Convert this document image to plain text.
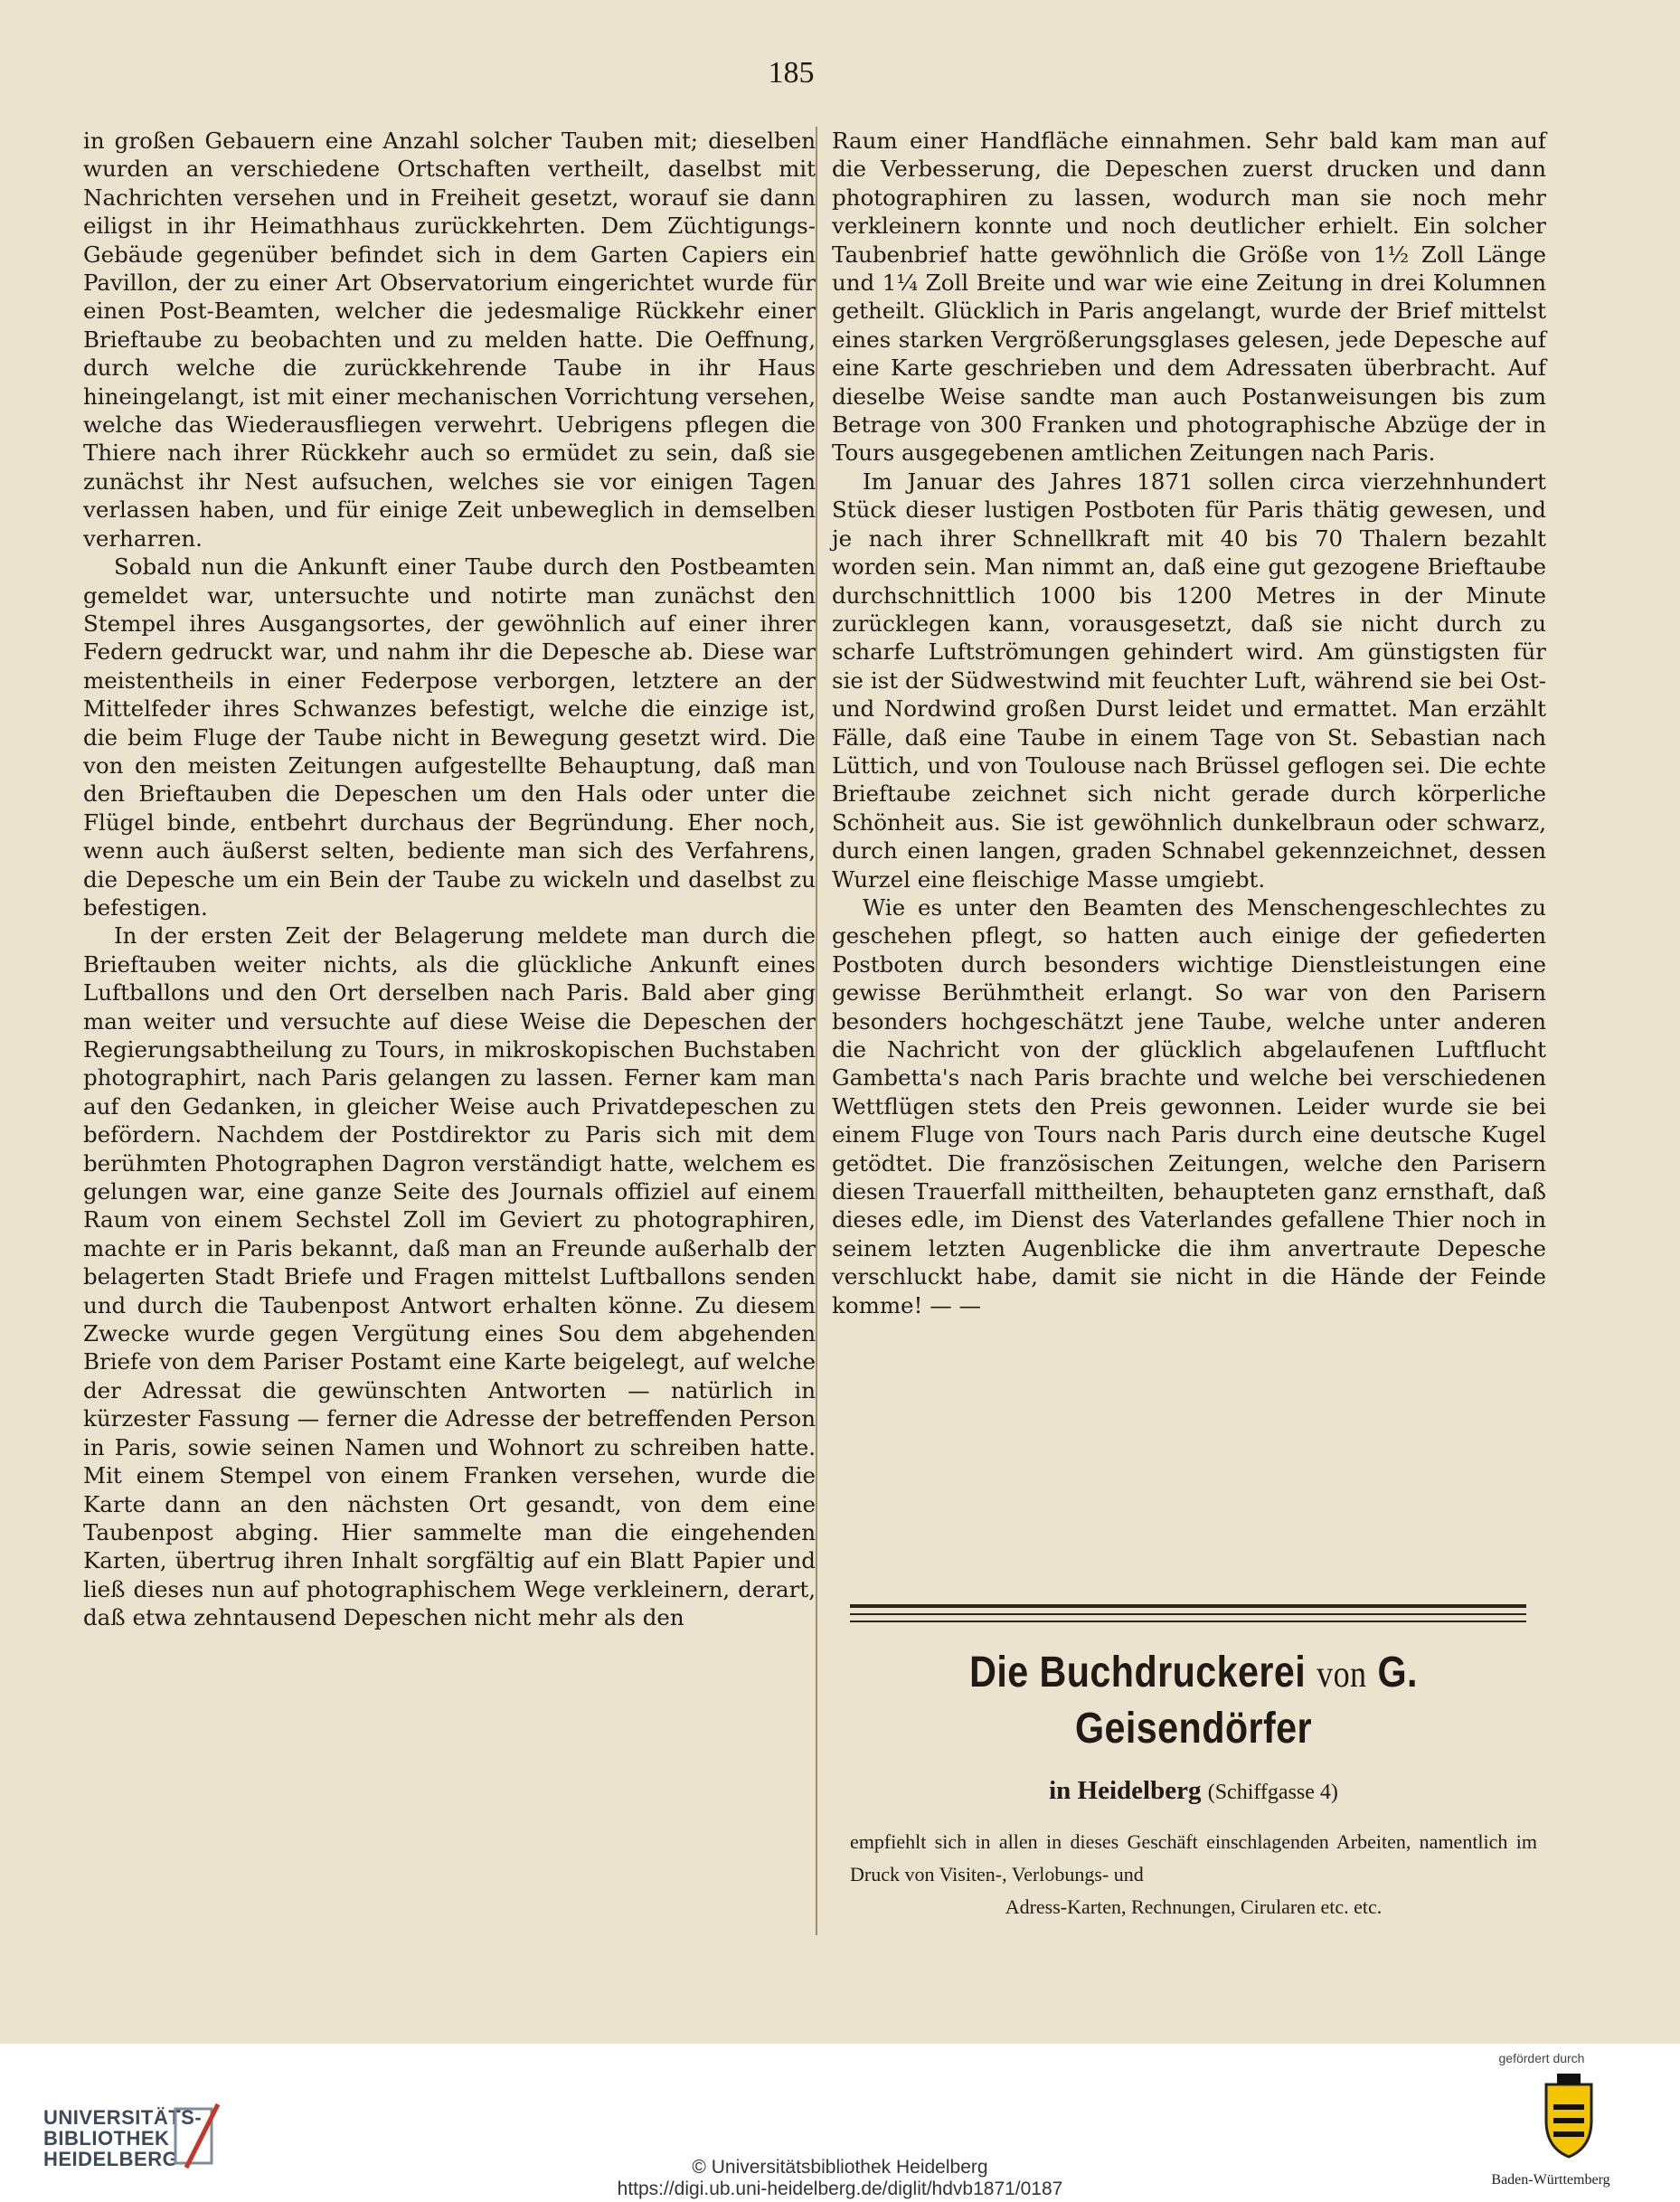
185

in großen Gebauern eine Anzahl solcher Tauben mit; dieselben wurden an verschiedene Ortschaften vertheilt, daselbst mit Nachrichten versehen und in Freiheit gesetzt, worauf sie dann eiligst in ihr Heimathhaus zurückkehrten. Dem Züchtigungs-Gebäude gegenüber befindet sich in dem Garten Capiers ein Pavillon, der zu einer Art Observatorium eingerichtet wurde für einen Post-Beamten, welcher die jedesmalige Rückkehr einer Brieftaube zu beobachten und zu melden hatte. Die Oeffnung, durch welche die zurückkehrende Taube in ihr Haus hineingelangt, ist mit einer mechanischen Vorrichtung versehen, welche das Wiederausfliegen verwehrt. Uebrigens pflegen die Thiere nach ihrer Rückkehr auch so ermüdet zu sein, daß sie zunächst ihr Nest aufsuchen, welches sie vor einigen Tagen verlassen haben, und für einige Zeit unbeweglich in demselben verharren.

Sobald nun die Ankunft einer Taube durch den Postbeamten gemeldet war, untersuchte und notirte man zunächst den Stempel ihres Ausgangsortes, der gewöhnlich auf einer ihrer Federn gedruckt war, und nahm ihr die Depesche ab. Diese war meistentheils in einer Federpose verborgen, letztere an der Mittelfeder ihres Schwanzes befestigt, welche die einzige ist, die beim Fluge der Taube nicht in Bewegung gesetzt wird. Die von den meisten Zeitungen aufgestellte Behauptung, daß man den Brieftauben die Depeschen um den Hals oder unter die Flügel binde, entbehrt durchaus der Begründung. Eher noch, wenn auch äußerst selten, bediente man sich des Verfahrens, die Depesche um ein Bein der Taube zu wickeln und daselbst zu befestigen.

In der ersten Zeit der Belagerung meldete man durch die Brieftauben weiter nichts, als die glückliche Ankunft eines Luftballons und den Ort derselben nach Paris. Bald aber ging man weiter und versuchte auf diese Weise die Depeschen der Regierungsabtheilung zu Tours, in mikroskopischen Buchstaben photographirt, nach Paris gelangen zu lassen. Ferner kam man auf den Gedanken, in gleicher Weise auch Privatdepeschen zu befördern. Nachdem der Postdirektor zu Paris sich mit dem berühmten Photographen Dagron verständigt hatte, welchem es gelungen war, eine ganze Seite des Journals offiziel auf einem Raum von einem Sechstel Zoll im Geviert zu photographiren, machte er in Paris bekannt, daß man an Freunde außerhalb der belagerten Stadt Briefe und Fragen mittelst Luftballons senden und durch die Taubenpost Antwort erhalten könne. Zu diesem Zwecke wurde gegen Vergütung eines Sou dem abgehenden Briefe von dem Pariser Postamt eine Karte beigelegt, auf welche der Adressat die gewünschten Antworten — natürlich in kürzester Fassung — ferner die Adresse der betreffenden Person in Paris, sowie seinen Namen und Wohnort zu schreiben hatte. Mit einem Stempel von einem Franken versehen, wurde die Karte dann an den nächsten Ort gesandt, von dem eine Taubenpost abging. Hier sammelte man die eingehenden Karten, übertrug ihren Inhalt sorgfältig auf ein Blatt Papier und ließ dieses nun auf photographischem Wege verkleinern, derart, daß etwa zehntausend Depeschen nicht mehr als den

Raum einer Handfläche einnahmen. Sehr bald kam man auf die Verbesserung, die Depeschen zuerst drucken und dann photographiren zu lassen, wodurch man sie noch mehr verkleinern konnte und noch deutlicher erhielt. Ein solcher Taubenbrief hatte gewöhnlich die Größe von 1½ Zoll Länge und 1¼ Zoll Breite und war wie eine Zeitung in drei Kolumnen getheilt. Glücklich in Paris angelangt, wurde der Brief mittelst eines starken Vergrößerungsglases gelesen, jede Depesche auf eine Karte geschrieben und dem Adressaten überbracht. Auf dieselbe Weise sandte man auch Postanweisungen bis zum Betrage von 300 Franken und photographische Abzüge der in Tours ausgegebenen amtlichen Zeitungen nach Paris.

Im Januar des Jahres 1871 sollen circa vierzehnhundert Stück dieser lustigen Postboten für Paris thätig gewesen, und je nach ihrer Schnellkraft mit 40 bis 70 Thalern bezahlt worden sein. Man nimmt an, daß eine gut gezogene Brieftaube durchschnittlich 1000 bis 1200 Metres in der Minute zurücklegen kann, vorausgesetzt, daß sie nicht durch zu scharfe Luftströmungen gehindert wird. Am günstigsten für sie ist der Südwestwind mit feuchter Luft, während sie bei Ost- und Nordwind großen Durst leidet und ermattet. Man erzählt Fälle, daß eine Taube in einem Tage von St. Sebastian nach Lüttich, und von Toulouse nach Brüssel geflogen sei. Die echte Brieftaube zeichnet sich nicht gerade durch körperliche Schönheit aus. Sie ist gewöhnlich dunkelbraun oder schwarz, durch einen langen, graden Schnabel gekennzeichnet, dessen Wurzel eine fleischige Masse umgiebt.

Wie es unter den Beamten des Menschengeschlechtes zu geschehen pflegt, so hatten auch einige der gefiederten Postboten durch besonders wichtige Dienstleistungen eine gewisse Berühmtheit erlangt. So war von den Parisern besonders hochgeschätzt jene Taube, welche unter anderen die Nachricht von der glücklich abgelaufenen Luftflucht Gambetta's nach Paris brachte und welche bei verschiedenen Wettflügen stets den Preis gewonnen. Leider wurde sie bei einem Fluge von Tours nach Paris durch eine deutsche Kugel getödtet. Die französischen Zeitungen, welche den Parisern diesen Trauerfall mittheilten, behaupteten ganz ernsthaft, daß dieses edle, im Dienst des Vaterlandes gefallene Thier noch in seinem letzten Augenblicke die ihm anvertraute Depesche verschluckt habe, damit sie nicht in die Hände der Feinde komme! — —

Die Buchdruckerei von G. Geisendörfer
in Heidelberg (Schiffgasse 4)
empfiehlt sich in allen in dieses Geschäft einschlagenden Arbeiten, namentlich im Druck von Visiten-, Verlobungs- und
Adress-Karten, Rechnungen, Cirularen etc. etc.
UNIVERSITÄTS-
BIBLIOTHEK
HEIDELBERG	© Universitätsbibliothek Heidelberg
https://digi.ub.uni-heidelberg.de/diglit/hdvb1871/0187
gefördert durch
Baden-Württemberg
